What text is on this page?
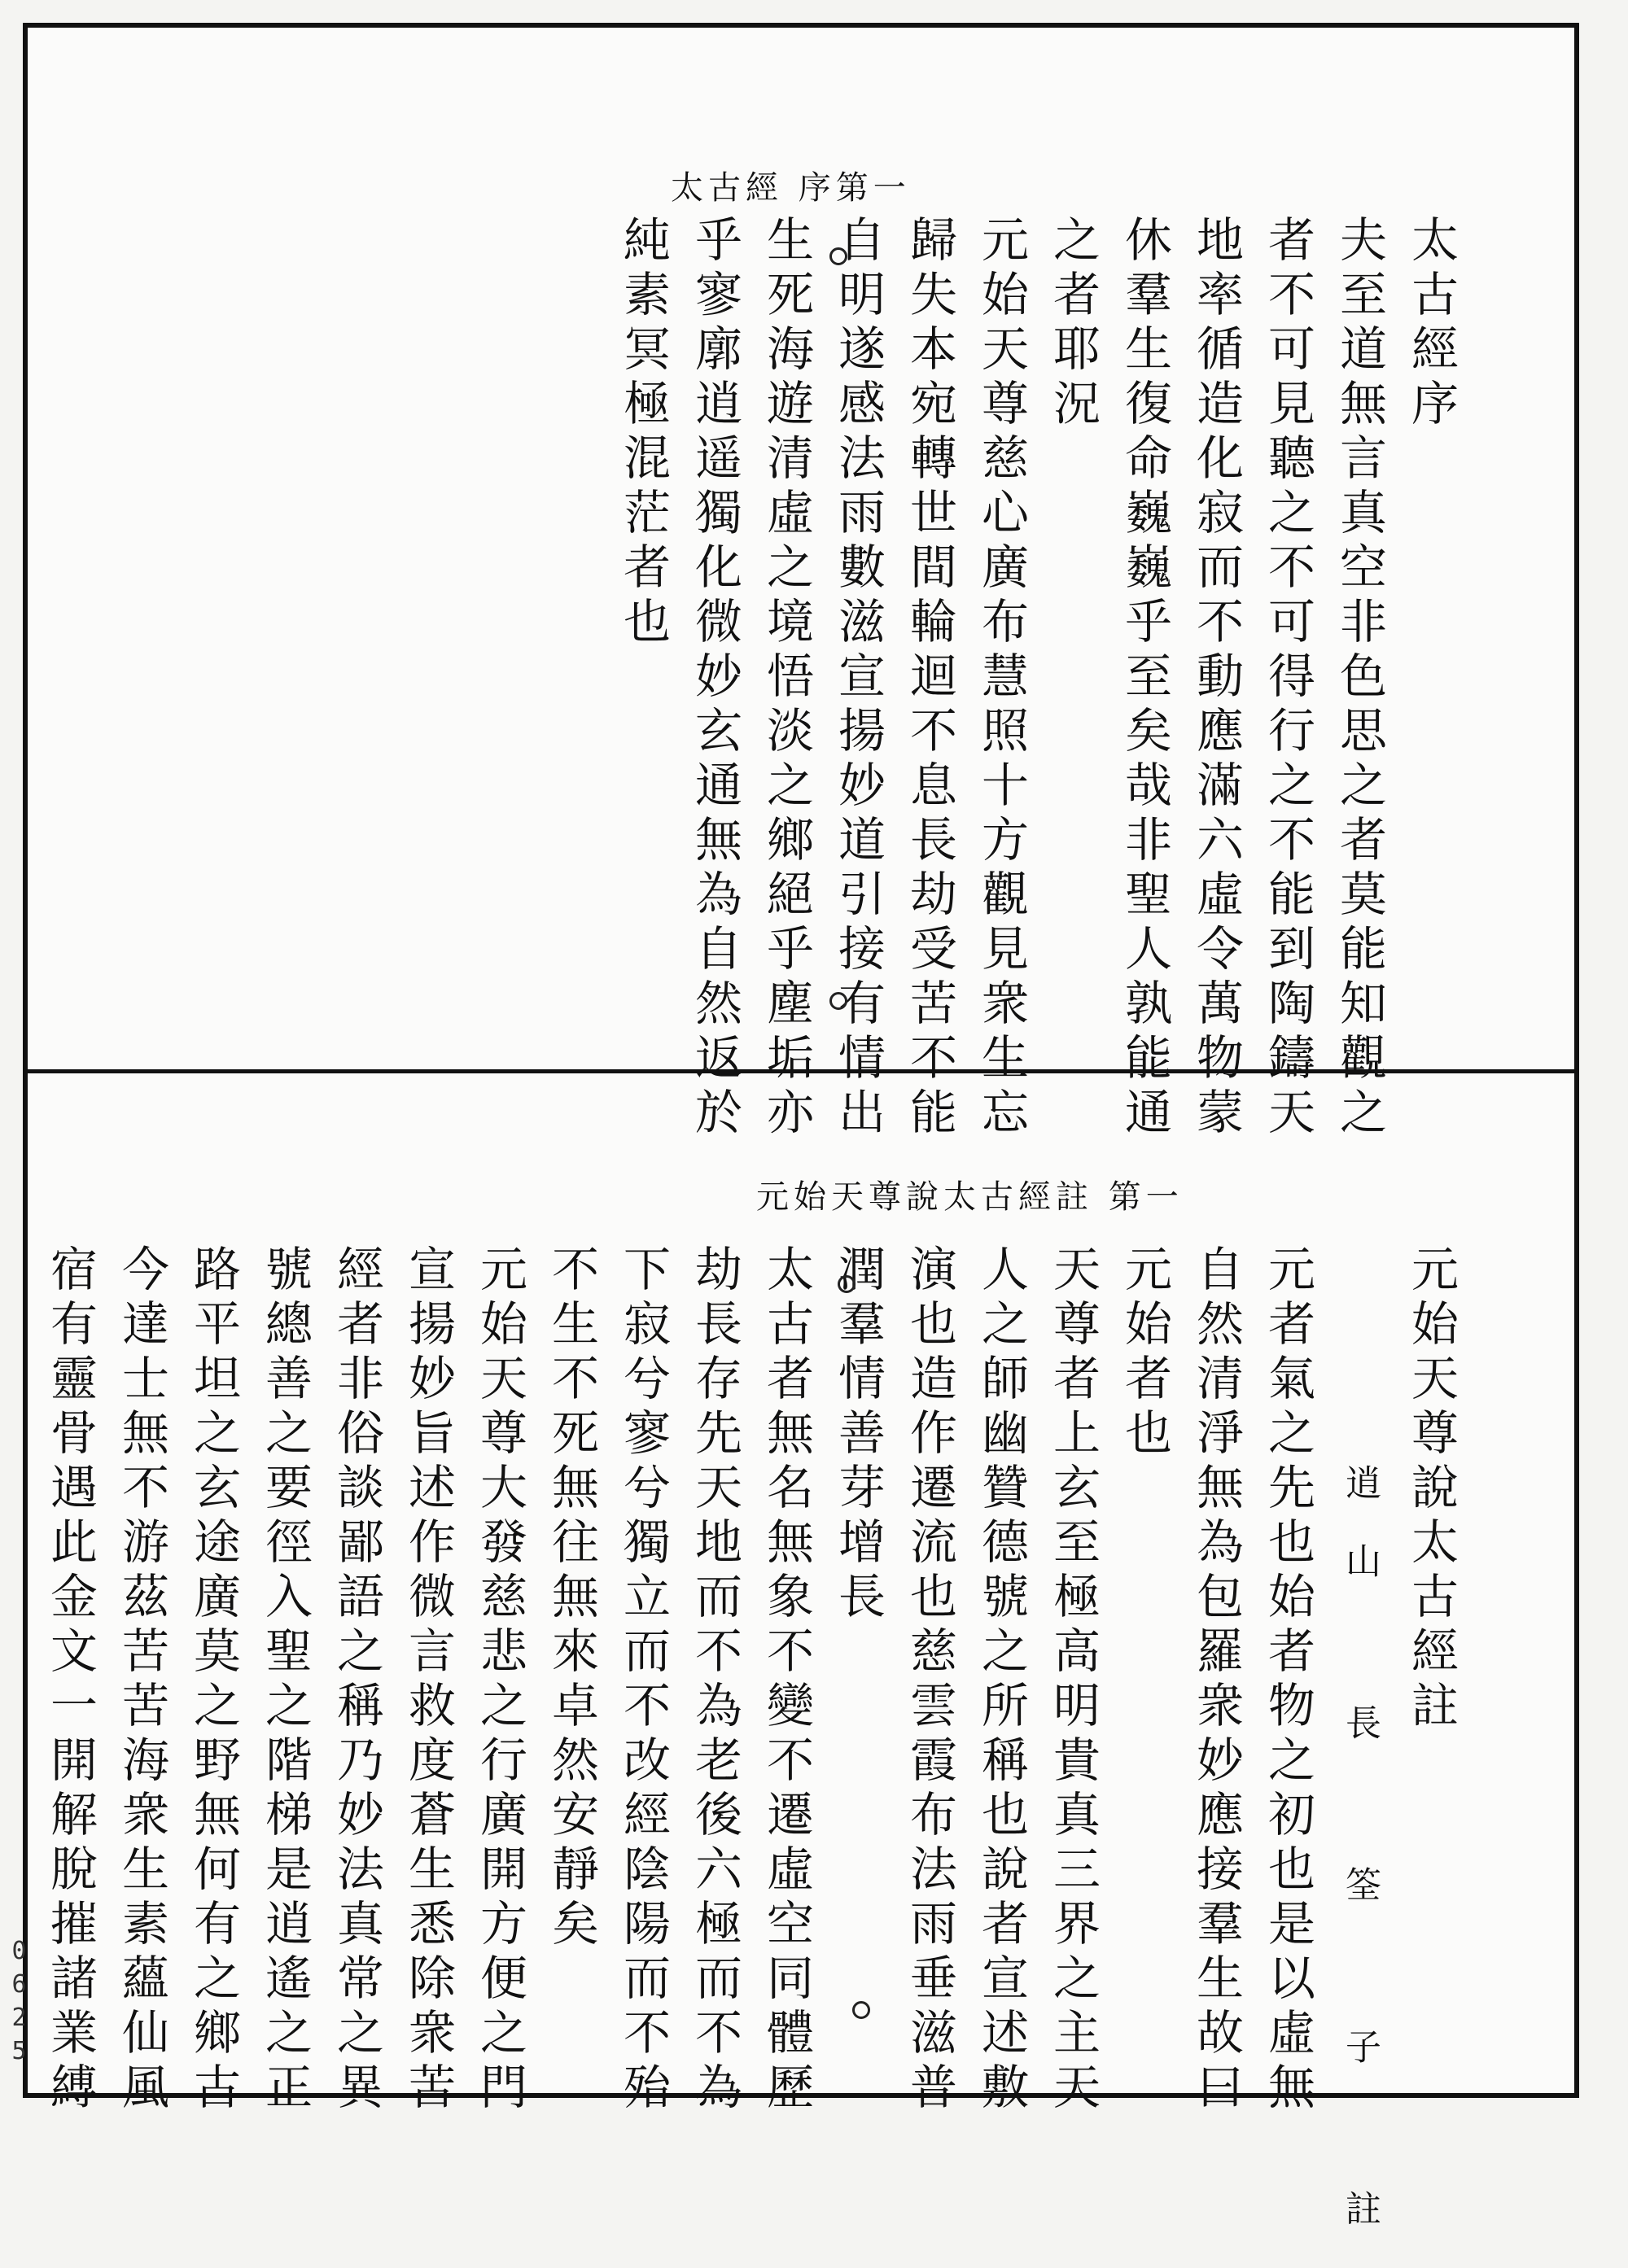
太古經 序第一
太古經序
夫至道無言真空非色思之者莫能知觀之
者不可見聽之不可得行之不能到陶鑄天
地率循造化寂而不動應滿六虛令萬物蒙
休羣生復命巍巍乎至矣哉非聖人孰能通
之者耶況
元始天尊慈心廣布慧照十方觀見衆生忘
歸失本宛轉世間輪迴不息長劫受苦不能
自明遂感法雨數滋宣揚妙道引接有情出
生死海遊清虛之境悟淡之鄉絕乎塵垢亦
乎寥廓逍遥獨化微妙玄通無為自然返於
純素冥極混茫者也
元始天尊說太古經註 第一
元始天尊說太古經註
逍山 長 筌 子 註
元者氣之先也始者物之初也是以虛無
自然清淨無為包羅衆妙應接羣生故曰
元始者也
天尊者上玄至極高明貴真三界之主天
人之師幽贊德號之所稱也說者宣述敷
演也造作遷流也慈雲霞布法雨垂滋普
潤羣情善芽增長
太古者無名無象不變不遷虛空同體歷
劫長存先天地而不為老後六極而不為
下寂兮寥兮獨立而不改經陰陽而不殆
不生不死無往無來卓然安靜矣
元始天尊大發慈悲之行廣開方便之門
宣揚妙旨述作微言救度蒼生悉除衆苦
經者非俗談鄙語之稱乃妙法真常之異
號總善之要徑入聖之階梯是逍遙之正
路平坦之玄途廣莫之野無何有之鄉古
今達士無不游茲苦苦海衆生素蘊仙風
宿有靈骨遇此金文一開解脫摧諸業縛
0625
